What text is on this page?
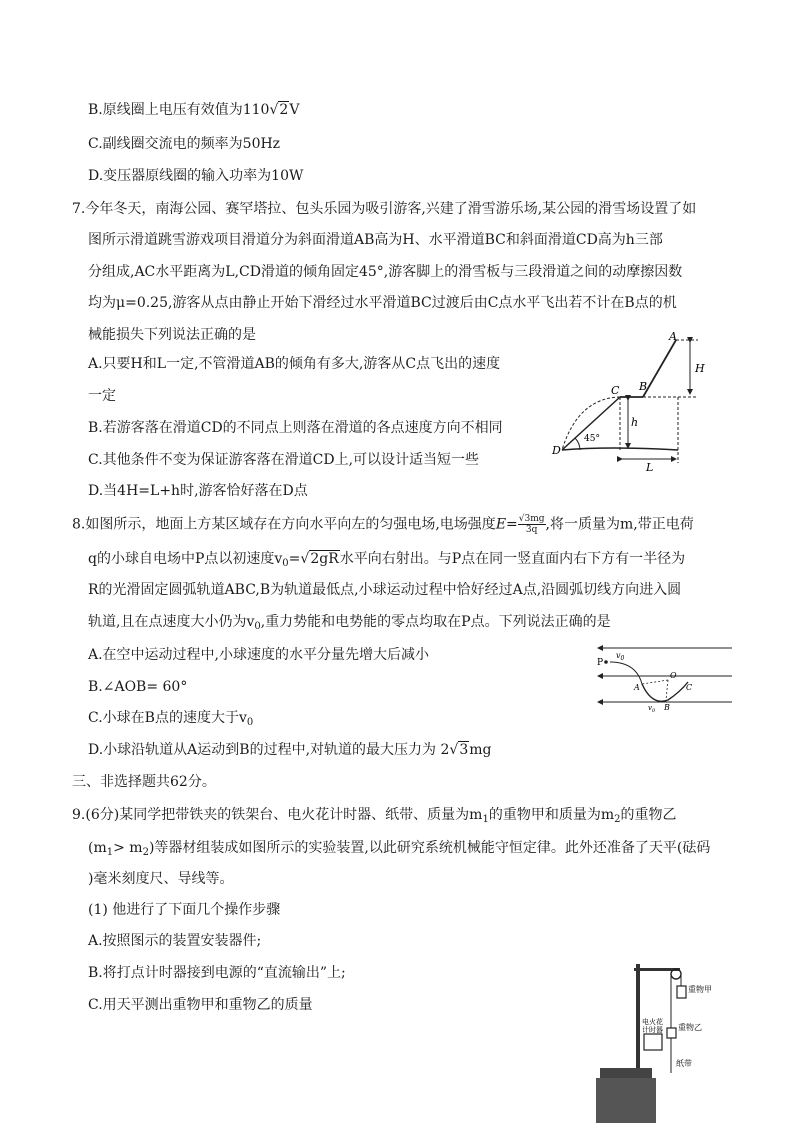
B.原线圈上电压有效值为110√2V
C.副线圈交流电的频率为50Hz
D.变压器原线圈的输入功率为10W
7.今年冬天，南海公园、赛罕塔拉、包头乐园为吸引游客,兴建了滑雪游乐场,某公园的滑雪场设置了如
图所示滑道跳雪游戏项目滑道分为斜面滑道AB高为H、水平滑道BC和斜面滑道CD高为h三部
分组成,AC水平距离为L,CD滑道的倾角固定45°,游客脚上的滑雪板与三段滑道之间的动摩擦因数
均为μ=0.25,游客从点由静止开始下滑经过水平滑道BC过渡后由C点水平飞出若不计在B点的机
械能损失下列说法正确的是
A.只要H和L一定,不管滑道AB的倾角有多大,游客从C点飞出的速度
一定
B.若游客落在滑道CD的不同点上则落在滑道的各点速度方向不相同
C.其他条件不变为保证游客落在滑道CD上,可以设计适当短一些
D.当4H=L+h时,游客恰好落在D点
A
B
C
D
H
h
L
45°
8.如图所示，地面上方某区域存在方向水平向左的匀强电场,电场强度$E= \frac{√3mg}{3q}$ ,将一质量为m,带正电荷
q的小球自电场中P点以初速度$v_0=√2gR$水平向右射出。与P点在同一竖直面内右下方有一半径为
R的光滑固定圆弧轨道ABC,B为轨道最低点,小球运动过程中恰好经过A点,沿圆弧切线方向进入圆
轨道,且在点速度大小仍为$v_0$,重力势能和电势能的零点均取在P点。下列说法正确的是
A.在空中运动过程中,小球速度的水平分量先增大后减小
B.∠AOB= 60°
C.小球在B点的速度大于$v_0$
D.小球沿轨道从A运动到B的过程中,对轨道的最大压力为 2√3mg
P
$v_0$
A
O
C
B
$v_0$
三、非选择题共62分。
9.(6分)某同学把带铁夹的铁架台、电火花计时器、纸带、质量为$m_1$的重物甲和质量为$m_2$的重物乙
$(m_1> m_2)$等器材组装成如图所示的实验装置,以此研究系统机械能守恒定律。此外还准备了天平(砝码
)毫米刻度尺、导线等。
(1) 他进行了下面几个操作步骤
A.按照图示的装置安装器件;
B.将打点计时器接到电源的“直流输出”上;
C.用天平测出重物甲和重物乙的质量
重物甲
重物乙
电火花
计时器
纸带
